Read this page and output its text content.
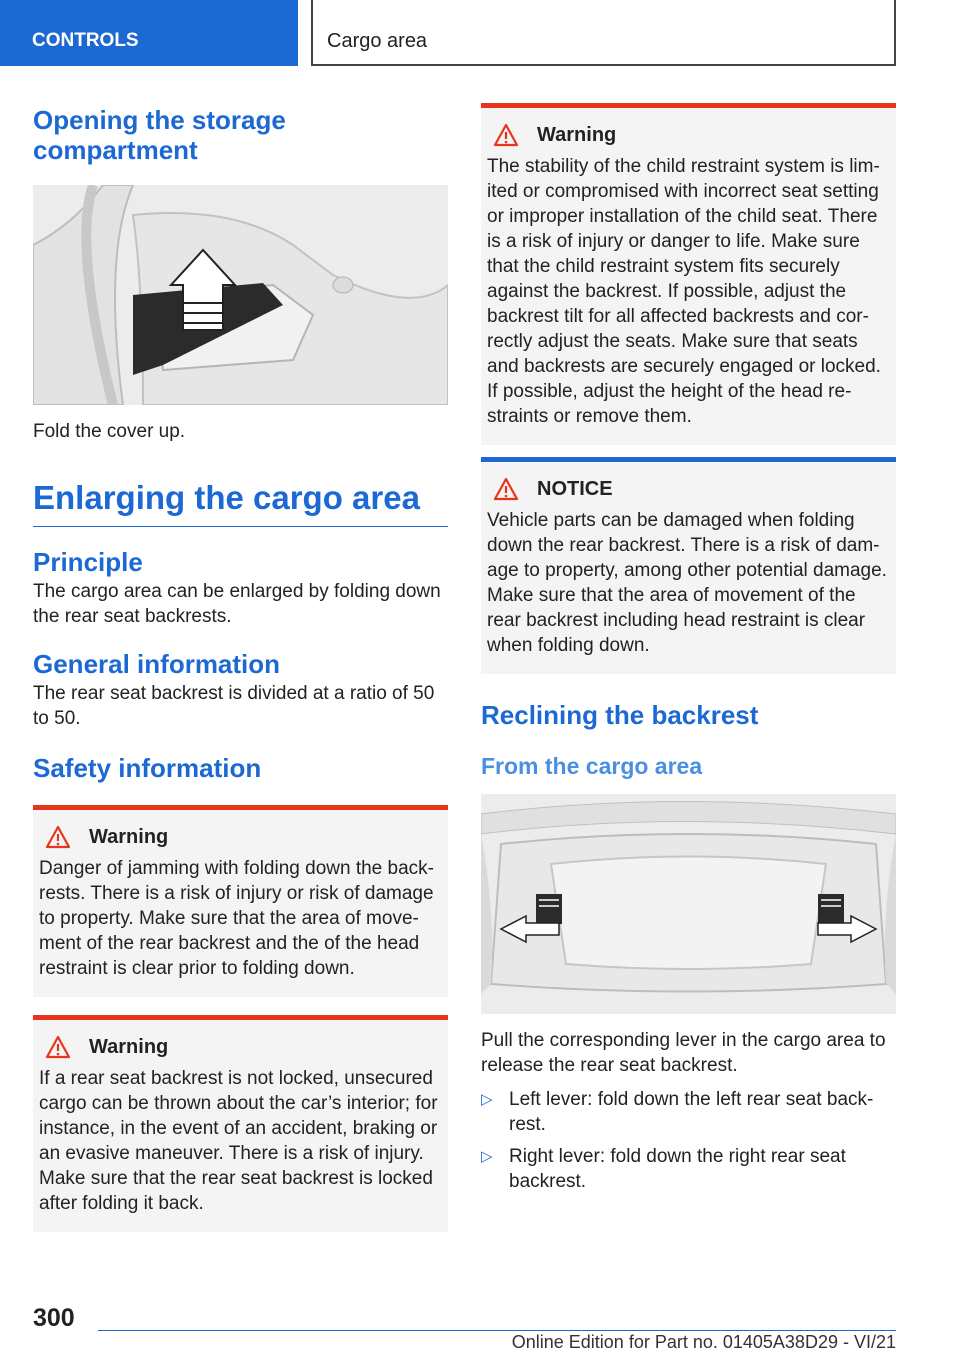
CONTROLS	Cargo area
Opening the storage compartment

Fold the cover up.

Enlarging the cargo area
Principle

The cargo area can be enlarged by folding down the rear seat backrests.

General information

The rear seat backrest is divided at a ratio of 50 to 50.

Safety information
Warning

Danger of jamming with folding down the backrests. There is a risk of injury or risk of damage to property. Make sure that the area of movement of the rear backrest and the of the head restraint is clear prior to folding down.

Warning

If a rear seat backrest is not locked, unsecured cargo can be thrown about the car’s interior; for instance, in the event of an accident, braking or an evasive maneuver. There is a risk of injury. Make sure that the rear seat backrest is locked after folding it back.

Warning

The stability of the child restraint system is limited or compromised with incorrect seat setting or improper installation of the child seat. There is a risk of injury or danger to life. Make sure that the child restraint system fits securely against the backrest. If possible, adjust the backrest tilt for all affected backrests and correctly adjust the seats. Make sure that seats and backrests are securely engaged or locked. If possible, adjust the height of the head restraints or remove them.

NOTICE

Vehicle parts can be damaged when folding down the rear backrest. There is a risk of damage to property, among other potential damage. Make sure that the area of movement of the rear backrest including head restraint is clear when folding down.

Reclining the backrest
From the cargo area

Pull the corresponding lever in the cargo area to release the rear seat backrest.

▷ Left lever: fold down the left rear seat backrest.
▷ Right lever: fold down the right rear seat backrest.
300
Online Edition for Part no. 01405A38D29 - VI/21
